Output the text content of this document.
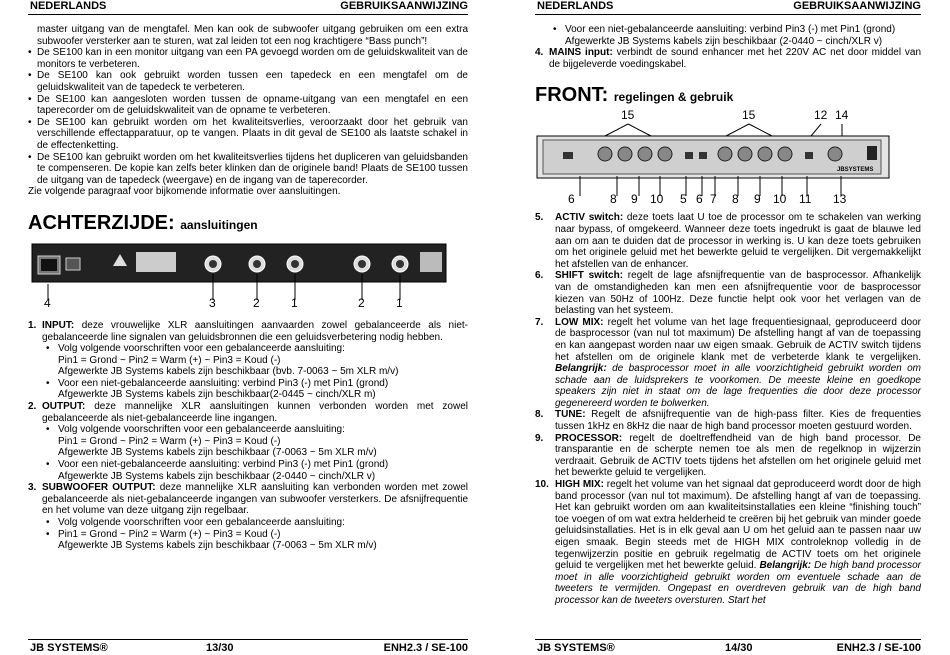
NEDERLANDS	GEBRUIKSAANWIJZING

master uitgang van de mengtafel. Men kan ook de subwoofer uitgang gebruiken om een extra subwoofer versterker aan te sturen, wat zal leiden tot een nog krachtigere “Bass punch”!

• De SE100 kan in een monitor uitgang van een PA gevoegd worden om de geluidskwaliteit van de monitors te verbeteren.
• De SE100 kan ook gebruikt worden tussen een tapedeck en een mengtafel om de geluidskwaliteit van de tapedeck te verbeteren.
• De SE100 kan aangesloten worden tussen de opname-uitgang van een mengtafel en een taperecorder om de geluidskwaliteit van de opname te verbeteren.
• De SE100 kan gebruikt worden om het kwaliteitsverlies, veroorzaakt door het gebruik van verschillende effectapparatuur, op te vangen. Plaats in dit geval de SE100 als laatste schakel in de effectenketting.
• De SE100 kan gebruikt worden om het kwaliteitsverlies tijdens het dupliceren van geluidsbanden te compenseren. De kopie kan zelfs beter klinken dan de originele band! Plaats de SE100 tussen de uitgang van de tapedeck (weergave) en de ingang van de taperecorder.

Zie volgende paragraaf voor bijkomende informatie over aansluitingen.

ACHTERZIJDE: aansluitingen
4	3	2	1	2	1
1. INPUT: deze vrouwelijke XLR aansluitingen aanvaarden zowel gebalanceerde als niet-gebalanceerde line signalen van geluidsbronnen die een geluidsverbetering nodig hebben.
• Volg volgende voorschriften voor een gebalanceerde aansluiting:
Pin1 = Grond ~ Pin2 = Warm (+) ~ Pin3 = Koud (-)
Afgewerkte JB Systems kabels zijn beschikbaar (bvb. 7-0063 ~ 5m XLR m/v)
• Voor een niet-gebalanceerde aansluiting: verbind Pin3 (-) met Pin1 (grond)
Afgewerkte JB Systems kabels zijn beschikbaar(2-0445 ~ cinch/XLR m)
2. OUTPUT: deze mannelijke XLR aansluitingen kunnen verbonden worden met zowel gebalanceerde als niet-gebalanceerde line ingangen.
• Volg volgende voorschriften voor een gebalanceerde aansluiting:
Pin1 = Grond ~ Pin2 = Warm (+) ~ Pin3 = Koud (-)
Afgewerkte JB Systems kabels zijn beschikbaar (7-0063 ~ 5m XLR m/v)
• Voor een niet-gebalanceerde aansluiting: verbind Pin3 (-) met Pin1 (grond)
Afgewerkte JB Systems kabels zijn beschikbaar (2-0440 ~ cinch/XLR v)
3. SUBWOOFER OUTPUT: deze mannelijke XLR aansluiting kan verbonden worden met zowel gebalanceerde als niet-gebalanceerde ingangen van subwoofer versterkers. De afsnijfrequentie en het volume van deze uitgang zijn regelbaar.
• Volg volgende voorschriften voor een gebalanceerde aansluiting:
• Pin1 = Grond ~ Pin2 = Warm (+) ~ Pin3 = Koud (-)
Afgewerkte JB Systems kabels zijn beschikbaar (7-0063 ~ 5m XLR m/v)
JB SYSTEMS®	13/30	ENH2.3 / SE-100
NEDERLANDS	GEBRUIKSAANWIJZING
• Voor een niet-gebalanceerde aansluiting: verbind Pin3 (-) met Pin1 (grond)
Afgewerkte JB Systems kabels zijn beschikbaar (2-0440 ~ cinch/XLR v)
4. MAINS input: verbindt de sound enhancer met het 220V AC net door middel van de bijgeleverde voedingskabel.
FRONT: regelingen & gebruik
15	15	12 14
6	8 9 10 5 6 7 8 9 10 11 13
JBSYSTEMS
5. ACTIV switch: deze toets laat U toe de processor om te schakelen van werking naar bypass, of omgekeerd. Wanneer deze toets ingedrukt is gaat de blauwe led aan om aan te duiden dat de processor in werking is. U kan deze toets gebruiken om het originele geluid met het bewerkte geluid te vergelijken. Dit vergemakkelijkt het afstellen van de enhancer.
6. SHIFT switch: regelt de lage afsnijfrequentie van de basprocessor. Afhankelijk van de omstandigheden kan men een afsnijfrequentie voor de basprocessor kiezen van 50Hz of 100Hz. Deze functie helpt ook voor het verlagen van de belasting van het systeem.
7. LOW MIX: regelt het volume van het lage frequentiesignaal, geproduceerd door de basprocessor (van nul tot maximum) De afstelling hangt af van de toepassing en kan aangepast worden naar uw eigen smaak. Gebruik de ACTIV switch tijdens het afstellen om de originele klank met de verbeterde klank te vergelijken. Belangrijk: de basprocessor moet in alle voorzichtigheid gebruikt worden om schade aan de luidsprekers te voorkomen. De meeste kleine en goedkope speakers zijn niet in staat om de lage frequenties die door deze processor gegenereerd worden te bolwerken.
8. TUNE: Regelt de afsnijfrequentie van de high-pass filter. Kies de frequenties tussen 1kHz en 8kHz die naar de high band processor moeten gestuurd worden.
9. PROCESSOR: regelt de doeltreffendheid van de high band processor. De transparantie en de scherpte nemen toe als men de regelknop in wijzerzin verdraait. Gebruik de ACTIV toets tijdens het afstellen om het originele geluid met het bewerkte geluid te vergelijken.
10. HIGH MIX: regelt het volume van het signaal dat geproduceerd wordt door de high band processor (van nul tot maximum). De afstelling hangt af van de toepassing. Het kan gebruikt worden om aan kwaliteitsinstallaties een kleine “finishing touch” toe voegen of om wat extra helderheid te creëren bij het gebruik van minder goede geluidsinstallaties. Het is in elk geval aan U om het geluid aan te passen naar uw eigen smaak. Begin steeds met de HIGH MIX controleknop volledig in de tegenwijzerzin positie en gebruik regelmatig de ACTIV toets om het originele geluid te vergelijken met het bewerkte geluid. Belangrijk: De high band processor moet in alle voorzichtigheid gebruikt worden om eventuele schade aan de tweeters te vermijden. Ongepast en overdreven gebruik van de high band processor kan de tweeters oversturen. Start het
JB SYSTEMS®	14/30	ENH2.3 / SE-100
